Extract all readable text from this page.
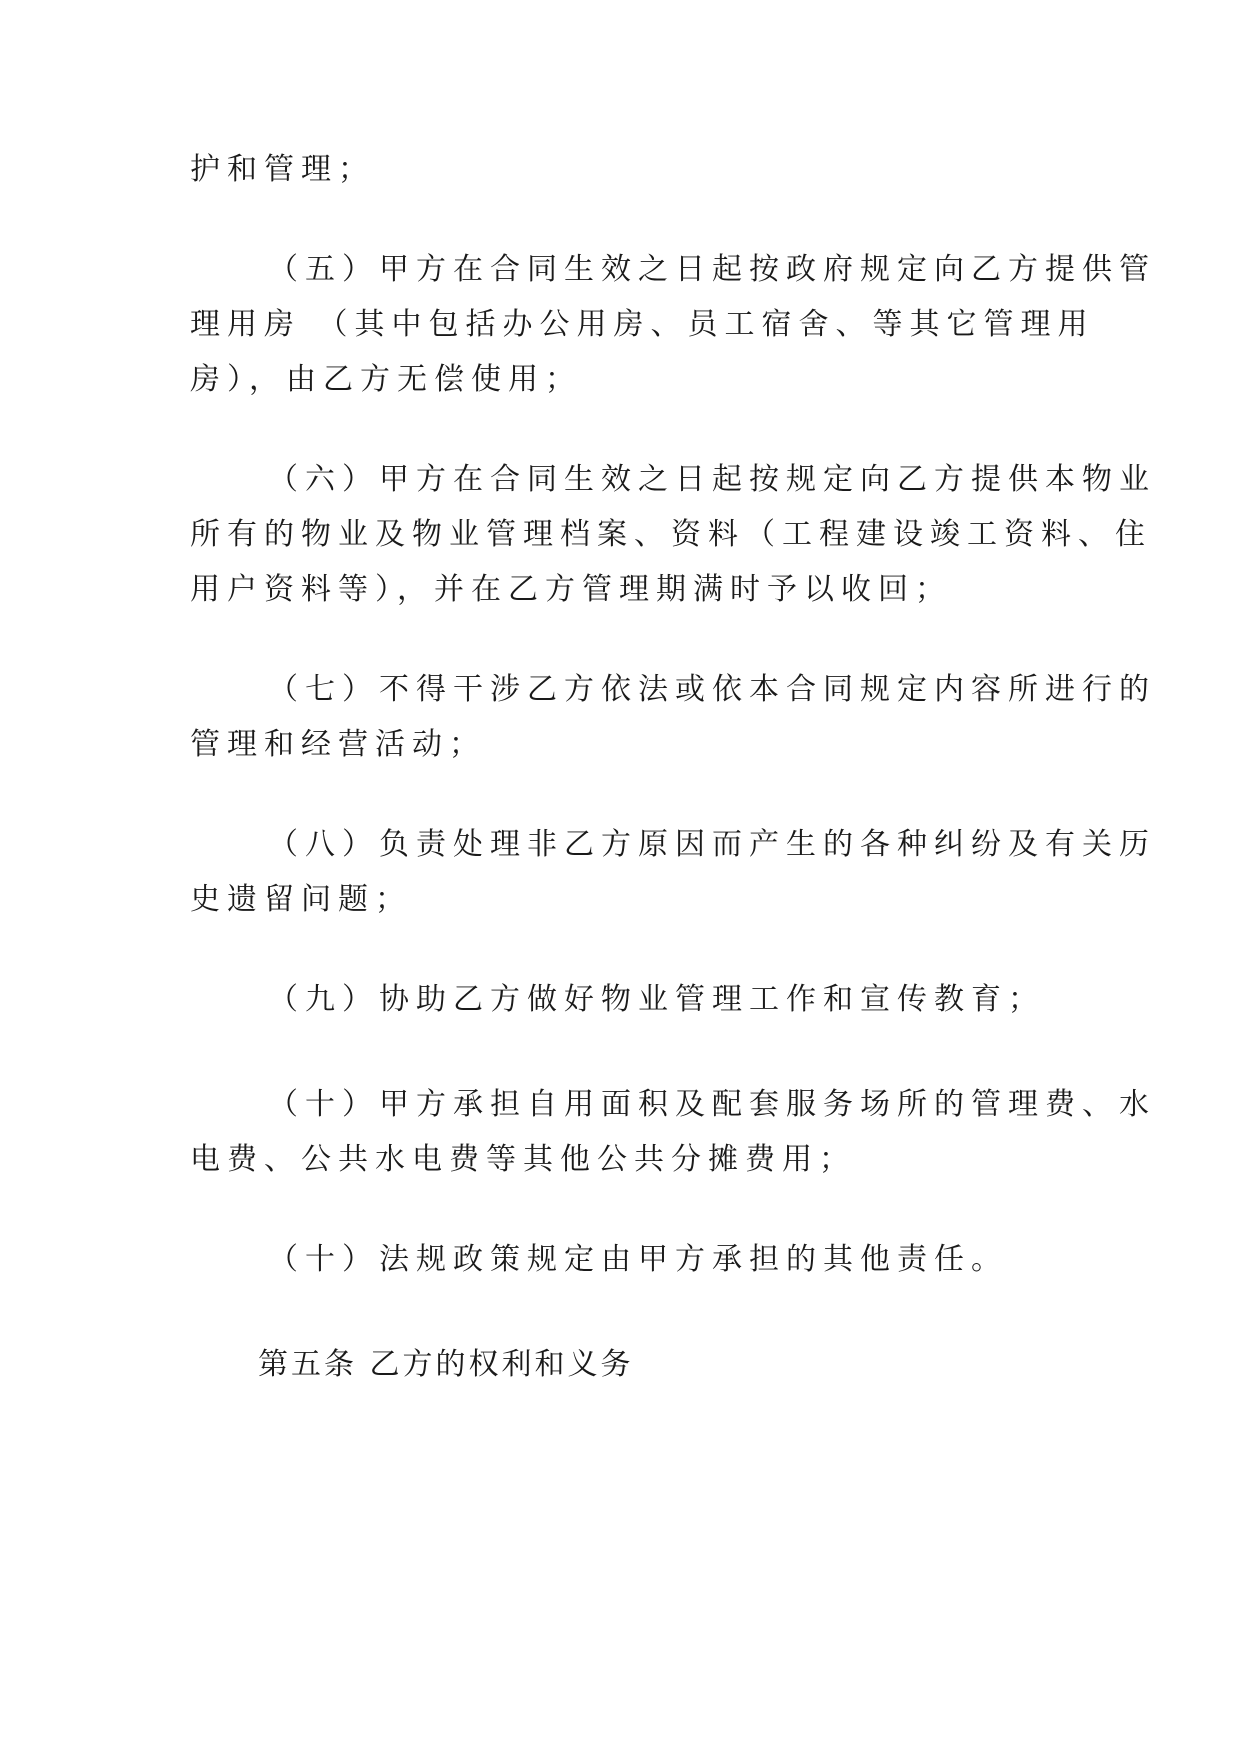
护和管理；
（五）甲方在合同生效之日起按政府规定向乙方提供管
理用房 （其中包括办公用房、员工宿舍、等其它管理用
房），由乙方无偿使用；
（六）甲方在合同生效之日起按规定向乙方提供本物业
所有的物业及物业管理档案、资料（工程建设竣工资料、住
用户资料等），并在乙方管理期满时予以收回；
（七）不得干涉乙方依法或依本合同规定内容所进行的
管理和经营活动；
（八）负责处理非乙方原因而产生的各种纠纷及有关历
史遗留问题；
（九）协助乙方做好物业管理工作和宣传教育；
（十）甲方承担自用面积及配套服务场所的管理费、水
电费、公共水电费等其他公共分摊费用；
（十）法规政策规定由甲方承担的其他责任。
第五条 乙方的权利和义务
